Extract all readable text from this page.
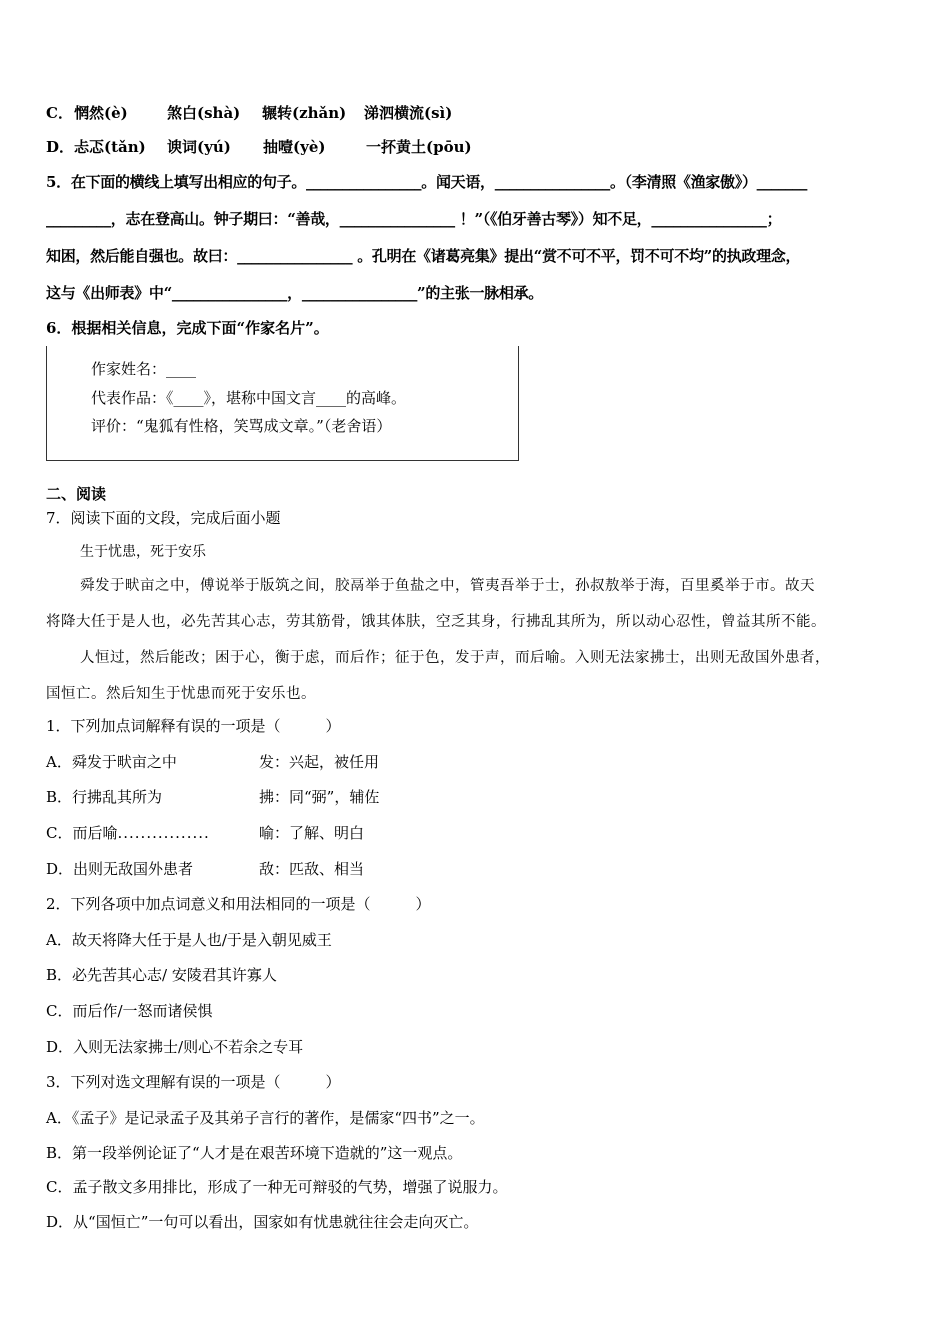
C． 惘然(è)	煞白(shà) 辗转(zhǎn) 涕泗横流(sì)
D． 忐忑(tǎn) 谀词(yú) 抽噎(yè)	一抔黄土(pōu)
5．在下面的横线上填写出相应的句子。________________。闻天语，________________。（李清照《渔家傲》）_______
_________，志在登高山。钟子期曰：“善哉，________________ ！”（《伯牙善古琴》）知不足，________________；
知困，然后能自强也。故曰：________________ 。孔明在《诸葛亮集》提出“赏不可不平，罚不可不均”的执政理念，
这与《出师表》中“________________，________________”的主张一脉相承。
6．根据相关信息，完成下面“作家名片”。
作家姓名：____
代表作品：《____》，堪称中国文言____的高峰。
评价：“鬼狐有性格，笑骂成文章。”（老舍语）
二、阅读
7．阅读下面的文段，完成后面小题
生于忧患，死于安乐
舜发于畎亩之中，傅说举于版筑之间，胶鬲举于鱼盐之中，管夷吾举于士，孙叔敖举于海，百里奚举于市。故天
将降大任于是人也，必先苦其心志，劳其筋骨，饿其体肤，空乏其身，行拂乱其所为，所以动心忍性，曾益其所不能。
人恒过，然后能改；困于心，衡于虑，而后作；征于色，发于声，而后喻。入则无法家拂士，出则无敌国外患者，
国恒亡。然后知生于忧患而死于安乐也。
1．下列加点词解释有误的一项是（　　　）
A．舜发于畎亩之中	发：兴起，被任用
B．行拂乱其所为	拂：同“弼”，辅佐
C．而后喻................	喻：了解、明白
D．出则无敌国外患者	敌：匹敌、相当
2．下列各项中加点词意义和用法相同的一项是（　　　）
A．故天将降大任于是人也/于是入朝见威王
B．必先苦其心志/ 安陵君其许寡人
C．而后作/一怒而诸侯惧
D．入则无法家拂士/则心不若余之专耳
3．下列对选文理解有误的一项是（　　　）
A．《孟子》是记录孟子及其弟子言行的著作，是儒家“四书”之一。
B．第一段举例论证了“人才是在艰苦环境下造就的”这一观点。
C．孟子散文多用排比，形成了一种无可辩驳的气势，增强了说服力。
D．从“国恒亡”一句可以看出，国家如有忧患就往往会走向灭亡。
